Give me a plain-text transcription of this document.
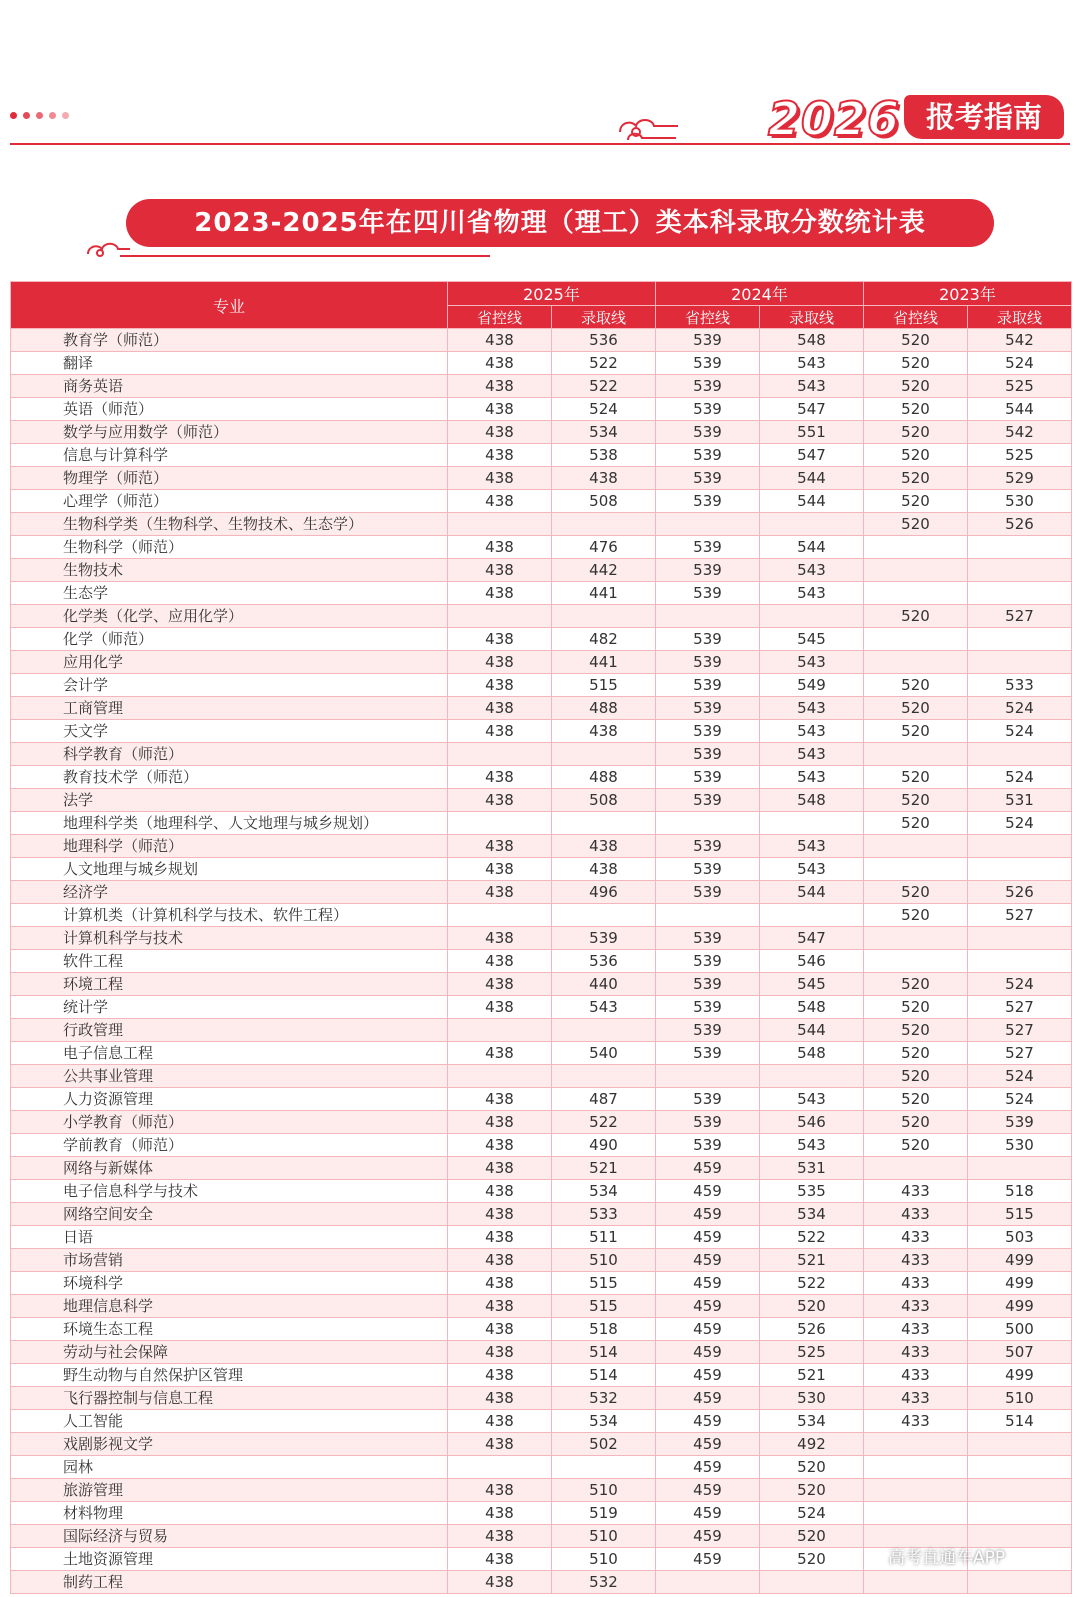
2026 报考指南
2023-2025年在四川省物理（理工）类本科录取分数统计表
专业	2025年		2024年		2023年	
	省控线	录取线	省控线	录取线	省控线	录取线
教育学（师范）	438	536	539	548	520	542
翻译	438	522	539	543	520	524
商务英语	438	522	539	543	520	525
英语（师范）	438	524	539	547	520	544
数学与应用数学（师范）	438	534	539	551	520	542
信息与计算科学	438	538	539	547	520	525
物理学（师范）	438	438	539	544	520	529
心理学（师范）	438	508	539	544	520	530
生物科学类（生物科学、生物技术、生态学）					520	526
生物科学（师范）	438	476	539	544		
生物技术	438	442	539	543		
生态学	438	441	539	543		
化学类（化学、应用化学）					520	527
化学（师范）	438	482	539	545		
应用化学	438	441	539	543		
会计学	438	515	539	549	520	533
工商管理	438	488	539	543	520	524
天文学	438	438	539	543	520	524
科学教育（师范）			539	543		
教育技术学（师范）	438	488	539	543	520	524
法学	438	508	539	548	520	531
地理科学类（地理科学、人文地理与城乡规划）					520	524
地理科学（师范）	438	438	539	543		
人文地理与城乡规划	438	438	539	543		
经济学	438	496	539	544	520	526
计算机类（计算机科学与技术、软件工程）					520	527
计算机科学与技术	438	539	539	547		
软件工程	438	536	539	546		
环境工程	438	440	539	545	520	524
统计学	438	543	539	548	520	527
行政管理			539	544	520	527
电子信息工程	438	540	539	548	520	527
公共事业管理					520	524
人力资源管理	438	487	539	543	520	524
小学教育（师范）	438	522	539	546	520	539
学前教育（师范）	438	490	539	543	520	530
网络与新媒体	438	521	459	531		
电子信息科学与技术	438	534	459	535	433	518
网络空间安全	438	533	459	534	433	515
日语	438	511	459	522	433	503
市场营销	438	510	459	521	433	499
环境科学	438	515	459	522	433	499
地理信息科学	438	515	459	520	433	499
环境生态工程	438	518	459	526	433	500
劳动与社会保障	438	514	459	525	433	507
野生动物与自然保护区管理	438	514	459	521	433	499
飞行器控制与信息工程	438	532	459	530	433	510
人工智能	438	534	459	534	433	514
戏剧影视文学	438	502	459	492		
园林			459	520		
旅游管理	438	510	459	520		
材料物理	438	519	459	524		
国际经济与贸易	438	510	459	520		
土地资源管理	438	510	459	520		
制药工程	438	532				
高考直通车APP
